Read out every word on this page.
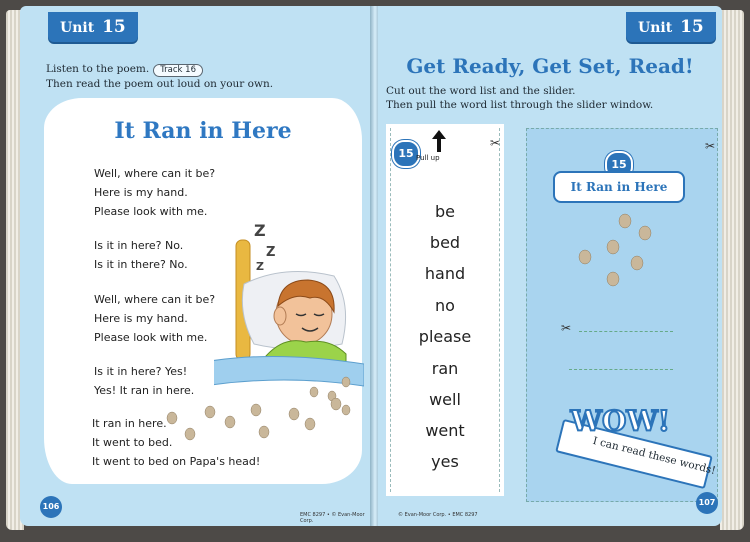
Unit 15
Listen to the poem. Track 16
Then read the poem out loud on your own.
It Ran in Here
Well, where can it be?
Here is my hand.
Please look with me.
Is it in here? No.
Is it in there? No.
Well, where can it be?
Here is my hand.
Please look with me.
Is it in here? Yes!
Yes! It ran in here.
It ran in here.
It went to bed.
It went to bed on Papa's head!
Z
Z
Z
106
EMC 8297 • © Evan-Moor Corp.
Unit 15
Get Ready, Get Set, Read!
Cut out the word list and the slider.
Then pull the word list through the slider window.
15 Pull up
✂
be
bed
hand
no
please
ran
well
went
yes
✂
15
It Ran in Here
✂
WOW!
I can read these words!
107
© Evan-Moor Corp. • EMC 8297
